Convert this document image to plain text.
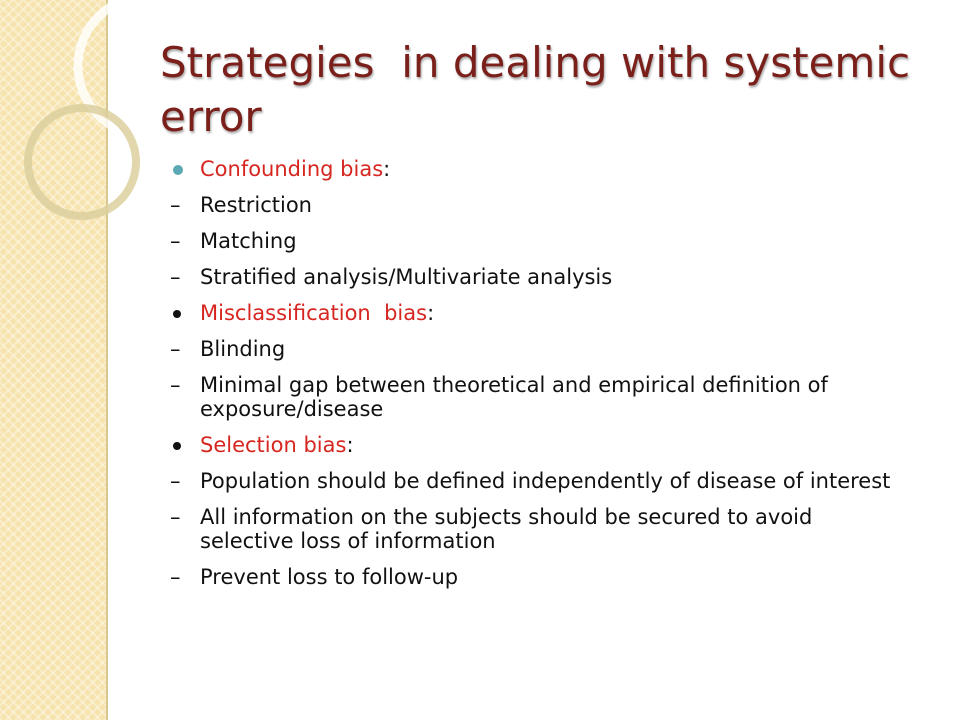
Strategies  in dealing with systemic error
Confounding bias:
– Restriction
– Matching
– Stratified analysis/Multivariate analysis
Misclassification  bias:
– Blinding
– Minimal gap between theoretical and empirical definition of exposure/disease
Selection bias:
– Population should be defined independently of disease of interest
– All information on the subjects should be secured to avoid selective loss of information
– Prevent loss to follow-up
